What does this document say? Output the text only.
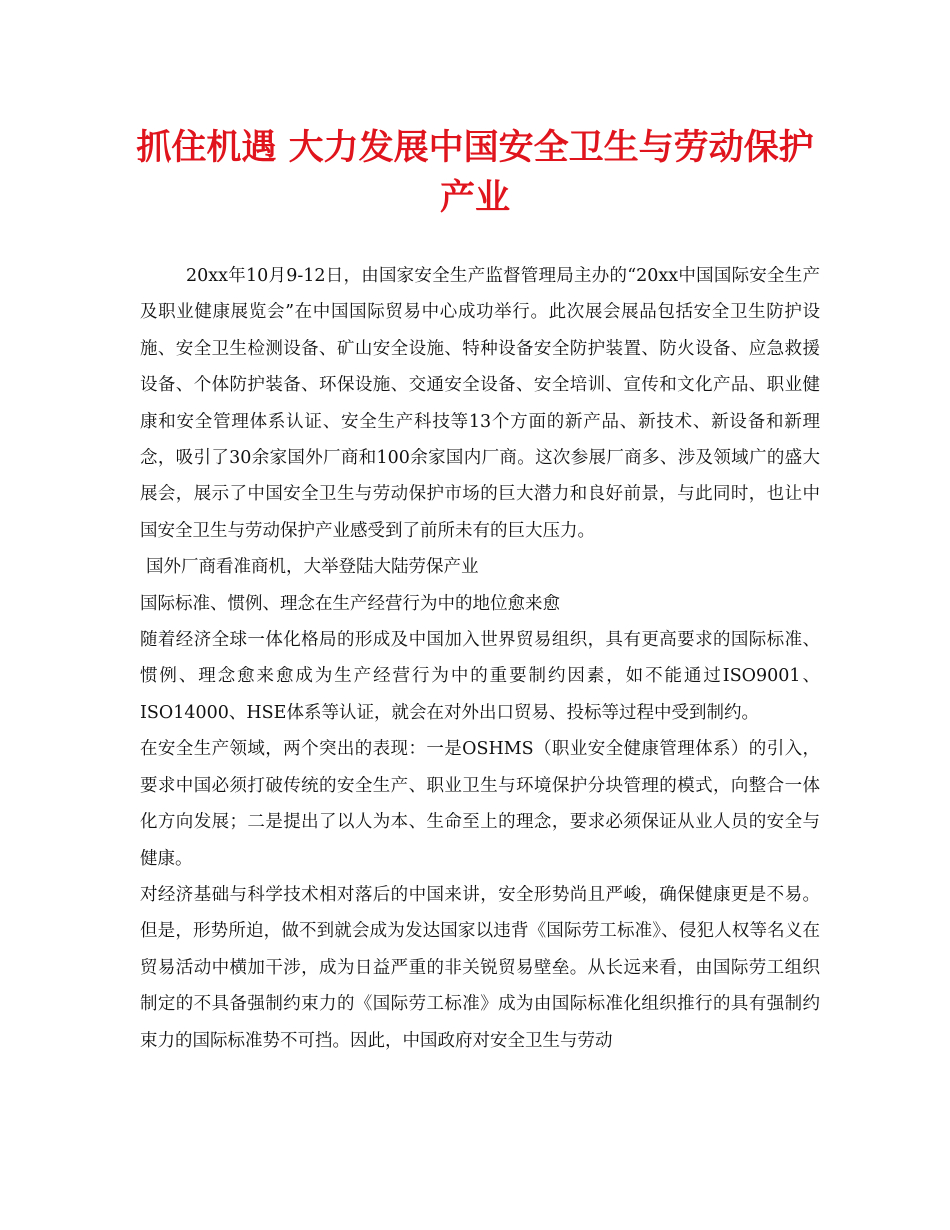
抓住机遇 大力发展中国安全卫生与劳动保护
产业

20xx年10月9-12日，由国家安全生产监督管理局主办的“20xx中国国际安全生产及职业健康展览会”在中国国际贸易中心成功举行。此次展会展品包括安全卫生防护设施、安全卫生检测设备、矿山安全设施、特种设备安全防护装置、防火设备、应急救援设备、个体防护装备、环保设施、交通安全设备、安全培训、宣传和文化产品、职业健康和安全管理体系认证、安全生产科技等13个方面的新产品、新技术、新设备和新理念，吸引了30余家国外厂商和100余家国内厂商。这次参展厂商多、涉及领域广的盛大展会，展示了中国安全卫生与劳动保护市场的巨大潜力和良好前景，与此同时，也让中国安全卫生与劳动保护产业感受到了前所未有的巨大压力。

国外厂商看准商机，大举登陆大陆劳保产业

国际标准、惯例、理念在生产经营行为中的地位愈来愈

随着经济全球一体化格局的形成及中国加入世界贸易组织，具有更高要求的国际标准、惯例、理念愈来愈成为生产经营行为中的重要制约因素，如不能通过ISO9001、ISO14000、HSE体系等认证，就会在对外出口贸易、投标等过程中受到制约。

在安全生产领域，两个突出的表现：一是OSHMS（职业安全健康管理体系）的引入，要求中国必须打破传统的安全生产、职业卫生与环境保护分块管理的模式，向整合一体化方向发展；二是提出了以人为本、生命至上的理念，要求必须保证从业人员的安全与健康。

对经济基础与科学技术相对落后的中国来讲，安全形势尚且严峻，确保健康更是不易。但是，形势所迫，做不到就会成为发达国家以违背《国际劳工标准》、侵犯人权等名义在贸易活动中横加干涉，成为日益严重的非关锐贸易壁垒。从长远来看，由国际劳工组织制定的不具备强制约束力的《国际劳工标准》成为由国际标准化组织推行的具有强制约束力的国际标准势不可挡。因此，中国政府对安全卫生与劳动
